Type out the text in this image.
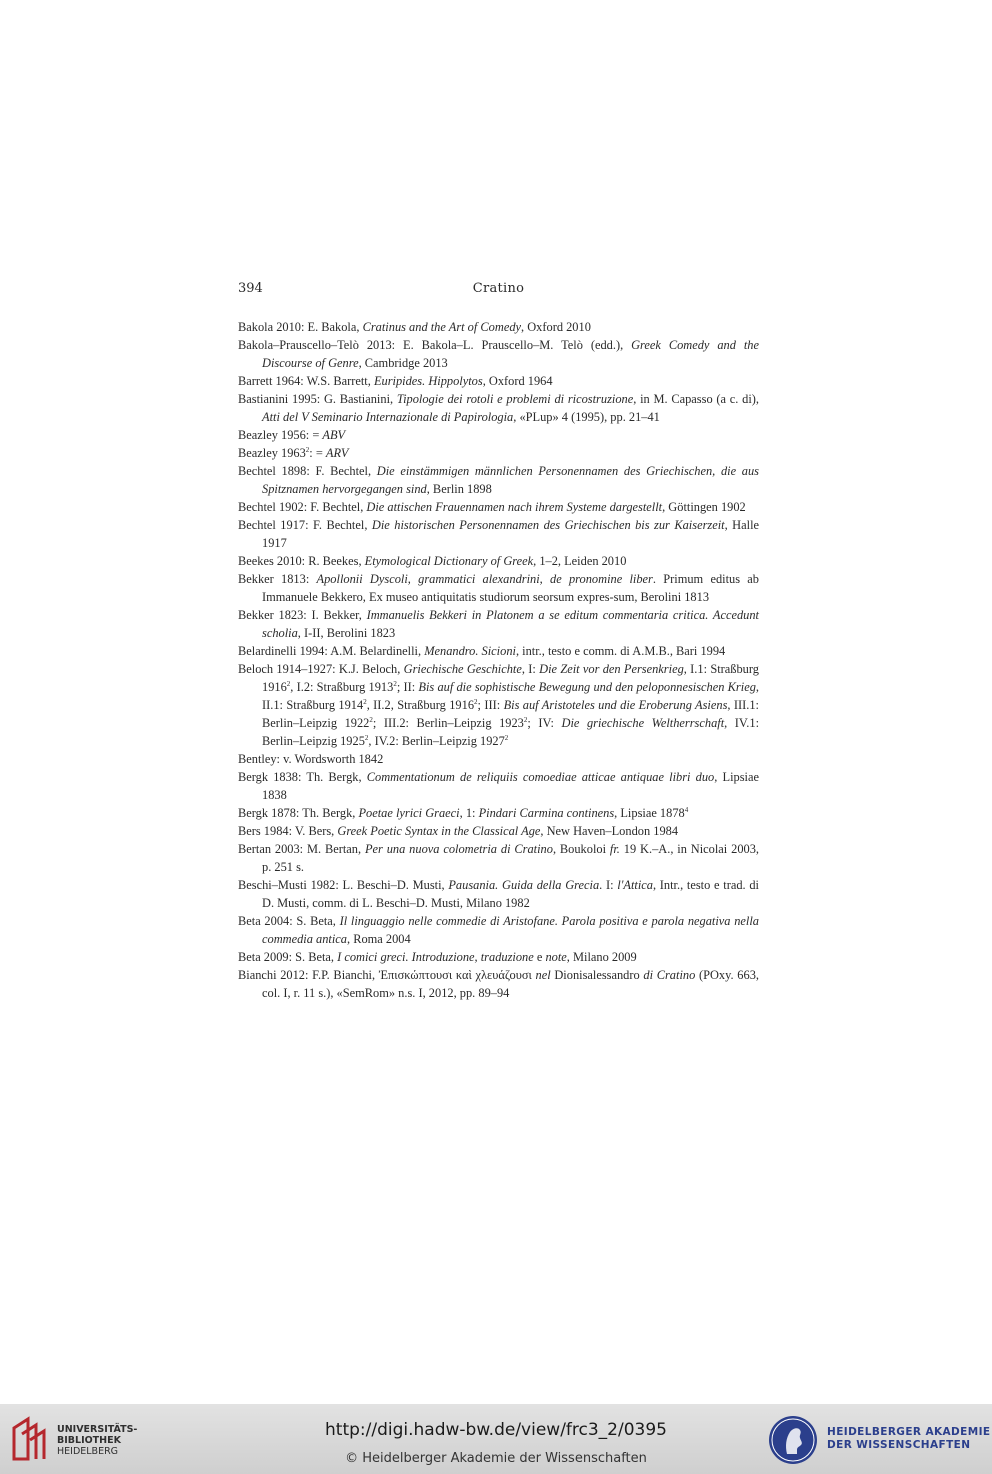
394	Cratino

Bakola 2010: E. Bakola, Cratinus and the Art of Comedy, Oxford 2010

Bakola–Prauscello–Telò 2013: E. Bakola–L. Prauscello–M. Telò (edd.), Greek Comedy and the Discourse of Genre, Cambridge 2013

Barrett 1964: W.S. Barrett, Euripides. Hippolytos, Oxford 1964

Bastianini 1995: G. Bastianini, Tipologie dei rotoli e problemi di ricostruzione, in M. Capasso (a c. di), Atti del V Seminario Internazionale di Papirologia, «PLup» 4 (1995), pp. 21–41

Beazley 1956: = ABV

Beazley $1963^2$: = ARV

Bechtel 1898: F. Bechtel, Die einstämmigen männlichen Personennamen des Griechischen, die aus Spitznamen hervorgegangen sind, Berlin 1898

Bechtel 1902: F. Bechtel, Die attischen Frauennamen nach ihrem Systeme dargestellt, Göttingen 1902

Bechtel 1917: F. Bechtel, Die historischen Personennamen des Griechischen bis zur Kaiserzeit, Halle 1917

Beekes 2010: R. Beekes, Etymological Dictionary of Greek, 1–2, Leiden 2010

Bekker 1813: Apollonii Dyscoli, grammatici alexandrini, de pronomine liber. Primum editus ab Immanuele Bekkero, Ex museo antiquitatis studiorum seorsum expres-sum, Berolini 1813

Bekker 1823: I. Bekker, Immanuelis Bekkeri in Platonem a se editum commentaria critica. Accedunt scholia, I-II, Berolini 1823

Belardinelli 1994: A.M. Belardinelli, Menandro. Sicioni, intr., testo e comm. di A.M.B., Bari 1994

Beloch 1914–1927: K.J. Beloch, Griechische Geschichte, I: Die Zeit vor den Persenkrieg, I.1: Straßburg 1916$^2$, I.2: Straßburg 1913$^2$; II: Bis auf die sophistische Bewegung und den peloponnesischen Krieg, II.1: Straßburg 1914$^2$, II.2, Straßburg 1916$^2$; III: Bis auf Aristoteles und die Eroberung Asiens, III.1: Berlin–Leipzig 1922$^2$; III.2: Berlin–Leipzig 1923$^2$; IV: Die griechische Weltherrschaft, IV.1: Berlin–Leipzig 1925$^2$, IV.2: Berlin–Leipzig 1927$^2$

Bentley: v. Wordsworth 1842

Bergk 1838: Th. Bergk, Commentationum de reliquiis comoediae atticae antiquae libri duo, Lipsiae 1838

Bergk 1878: Th. Bergk, Poetae lyrici Graeci, 1: Pindari Carmina continens, Lipsiae 1878$^4$

Bers 1984: V. Bers, Greek Poetic Syntax in the Classical Age, New Haven–London 1984

Bertan 2003: M. Bertan, Per una nuova colometria di Cratino, Boukoloi fr. 19 K.–A., in Nicolai 2003, p. 251 s.

Beschi–Musti 1982: L. Beschi–D. Musti, Pausania. Guida della Grecia. I: l'Attica, Intr., testo e trad. di D. Musti, comm. di L. Beschi–D. Musti, Milano 1982

Beta 2004: S. Beta, Il linguaggio nelle commedie di Aristofane. Parola positiva e parola negativa nella commedia antica, Roma 2004

Beta 2009: S. Beta, I comici greci. Introduzione, traduzione e note, Milano 2009

Bianchi 2012: F.P. Bianchi, Ἐπισκώπτουσι καὶ χλευάζουσι nel Dionisalessandro di Cratino (POxy. 663, col. I, r. 11 s.), «SemRom» n.s. I, 2012, pp. 89–94

UNIVERSITÄTS-
BIBLIOTHEK
HEIDELBERG
http://digi.hadw-bw.de/view/frc3_2/0395
© Heidelberger Akademie der Wissenschaften
HEIDELBERGER AKADEMIE
DER WISSENSCHAFTEN
